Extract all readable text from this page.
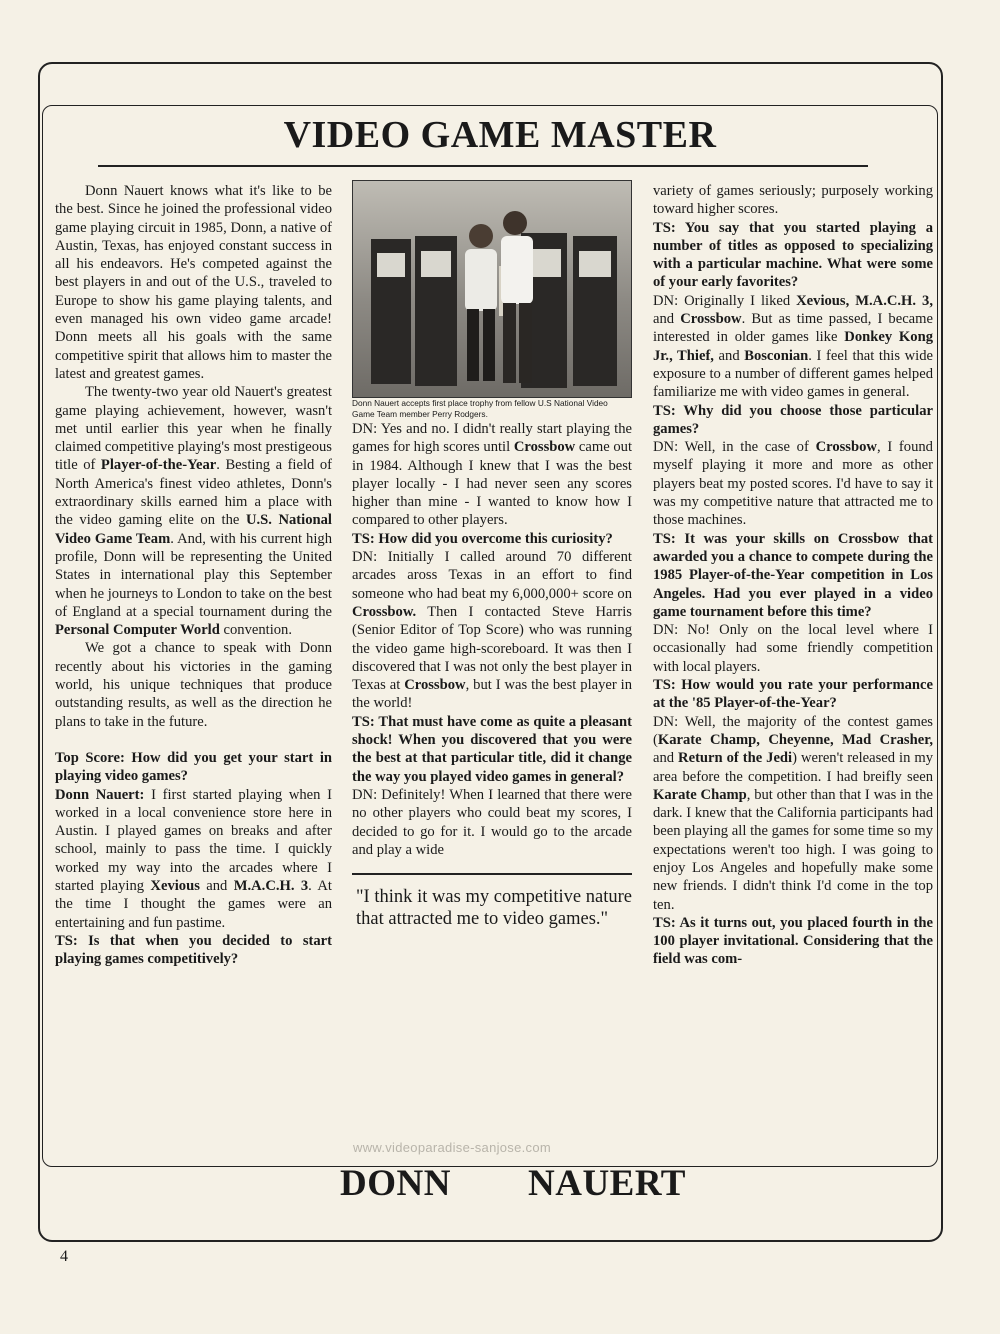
VIDEO GAME MASTER

Donn Nauert knows what it's like to be the best. Since he joined the professional video game playing circuit in 1985, Donn, a native of Austin, Texas, has enjoyed constant success in all his endeavors. He's competed against the best players in and out of the U.S., traveled to Europe to show his game playing talents, and even managed his own video game arcade! Donn meets all his goals with the same competitive spirit that allows him to master the latest and greatest games.

The twenty-two year old Nauert's greatest game playing achievement, however, wasn't met until earlier this year when he finally claimed competitive playing's most prestigeous title of Player-of-the-Year. Besting a field of North America's finest video athletes, Donn's extraordinary skills earned him a place with the video gaming elite on the U.S. National Video Game Team. And, with his current high profile, Donn will be representing the United States in international play this September when he journeys to London to take on the best of England at a special tournament during the Personal Computer World convention.

We got a chance to speak with Donn recently about his victories in the gaming world, his unique techniques that produce outstanding results, as well as the direction he plans to take in the future.

Top Score: How did you get your start in playing video games?

Donn Nauert: I first started playing when I worked in a local convenience store here in Austin. I played games on breaks and after school, mainly to pass the time. I quickly worked my way into the arcades where I started playing Xevious and M.A.C.H. 3. At the time I thought the games were an entertaining and fun pastime.

TS: Is that when you decided to start playing games competitively?

Donn Nauert accepts first place trophy from fellow U.S National Video Game Team member Perry Rodgers.

DN: Yes and no. I didn't really start playing the games for high scores until Crossbow came out in 1984. Although I knew that I was the best player locally - I had never seen any scores higher than mine - I wanted to know how I compared to other players.

TS: How did you overcome this curiosity?

DN: Initially I called around 70 different arcades aross Texas in an effort to find someone who had beat my 6,000,000+ score on Crossbow. Then I contacted Steve Harris (Senior Editor of Top Score) who was running the video game high-scoreboard. It was then I discovered that I was not only the best player in Texas at Crossbow, but I was the best player in the world!

TS: That must have come as quite a pleasant shock! When you discovered that you were the best at that particular title, did it change the way you played video games in general?

DN: Definitely! When I learned that there were no other players who could beat my scores, I decided to go for it. I would go to the arcade and play a wide

"I think it was my competitive nature that attracted me to video games."

variety of games seriously; purposely working toward higher scores.

TS: You say that you started playing a number of titles as opposed to specializing with a particular machine. What were some of your early favorites?

DN: Originally I liked Xevious, M.A.C.H. 3, and Crossbow. But as time passed, I became interested in older games like Donkey Kong Jr., Thief, and Bosconian. I feel that this wide exposure to a number of different games helped familiarize me with video games in general.

TS: Why did you choose those particular games?

DN: Well, in the case of Crossbow, I found myself playing it more and more as other players beat my posted scores. I'd have to say it was my competitive nature that attracted me to those machines.

TS: It was your skills on Crossbow that awarded you a chance to compete during the 1985 Player-of-the-Year competition in Los Angeles. Had you ever played in a video game tournament before this time?

DN: No! Only on the local level where I occasionally had some friendly competition with local players.

TS: How would you rate your performance at the '85 Player-of-the-Year?

DN: Well, the majority of the contest games (Karate Champ, Cheyenne, Mad Crasher, and Return of the Jedi) weren't released in my area before the competition. I had breifly seen Karate Champ, but other than that I was in the dark. I knew that the California participants had been playing all the games for some time so my expectations weren't too high. I was going to enjoy Los Angeles and hopefully make some new friends. I didn't think I'd come in the top ten.

TS: As it turns out, you placed fourth in the 100 player invitational. Considering that the field was com-

www.videoparadise-sanjose.com
DONN NAUERT
4
